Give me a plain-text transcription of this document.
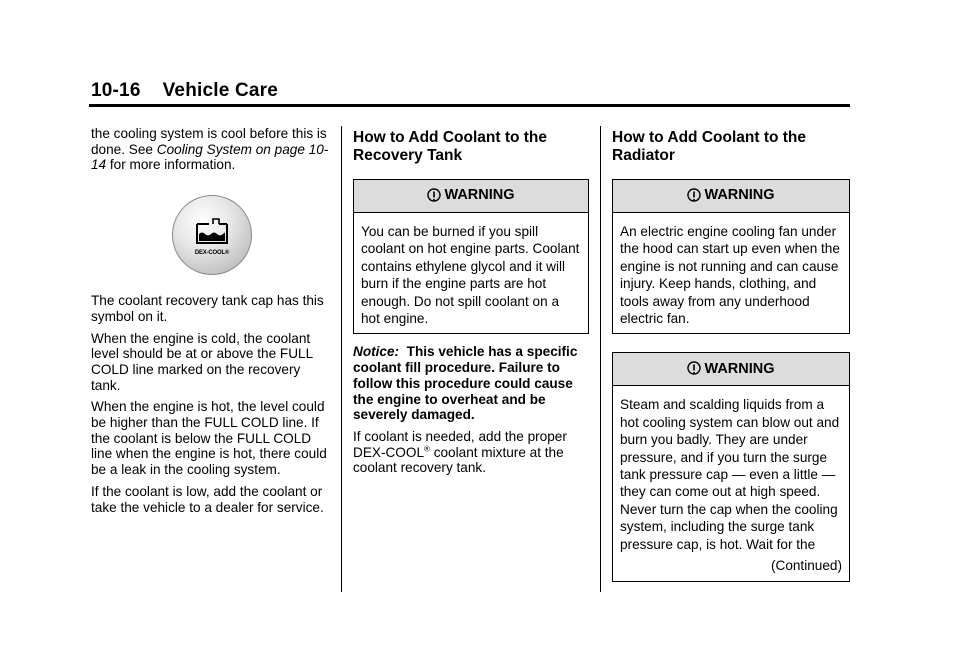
10-16 Vehicle Care

the cooling system is cool before this is done. See Cooling System on page 10-14 for more information.

DEX-COOL®

The coolant recovery tank cap has this symbol on it.

When the engine is cold, the coolant level should be at or above the FULL COLD line marked on the recovery tank.

When the engine is hot, the level could be higher than the FULL COLD line. If the coolant is below the FULL COLD line when the engine is hot, there could be a leak in the cooling system.

If the coolant is low, add the coolant or take the vehicle to a dealer for service.

How to Add Coolant to the Recovery Tank
WARNING

You can be burned if you spill coolant on hot engine parts. Coolant contains ethylene glycol and it will burn if the engine parts are hot enough. Do not spill coolant on a hot engine.

Notice: This vehicle has a specific coolant fill procedure. Failure to follow this procedure could cause the engine to overheat and be severely damaged.

If coolant is needed, add the proper DEX-COOL® coolant mixture at the coolant recovery tank.

How to Add Coolant to the Radiator
WARNING

An electric engine cooling fan under the hood can start up even when the engine is not running and can cause injury. Keep hands, clothing, and tools away from any underhood electric fan.

WARNING

Steam and scalding liquids from a hot cooling system can blow out and burn you badly. They are under pressure, and if you turn the surge tank pressure cap — even a little — they can come out at high speed. Never turn the cap when the cooling system, including the surge tank pressure cap, is hot. Wait for the

(Continued)
